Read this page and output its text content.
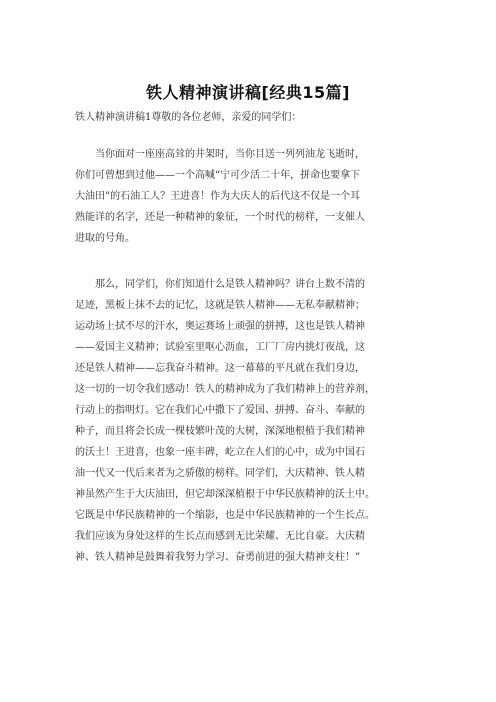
铁人精神演讲稿[经典15篇]
铁人精神演讲稿1尊敬的各位老师，亲爱的同学们：
当你面对一座座高耸的井架时，当你目送一列列油龙飞逝时，
你们可曾想到过他——一个高喊“宁可少活二十年，拼命也要拿下
大油田”的石油工人？王进喜！作为大庆人的后代这不仅是一个耳
熟能详的名字，还是一种精神的象征，一个时代的榜样，一支催人
进取的号角。
那么，同学们，你们知道什么是铁人精神吗？讲台上数不清的
足迹，黑板上抹不去的记忆，这就是铁人精神——无私奉献精神；
运动场上拭不尽的汗水，奥运赛场上顽强的拼搏，这也是铁人精神
——爱国主义精神；试验室里呕心沥血，工厂厂房内挑灯夜战，这
还是铁人精神——忘我奋斗精神。这一幕幕的平凡就在我们身边，
这一切的一切令我们感动！铁人的精神成为了我们精神上的营养剂，
行动上的指明灯。它在我们心中撒下了爱国、拼搏、奋斗、奉献的
种子，而且将会长成一棵枝繁叶茂的大树，深深地根植于我们精神
的沃土！王进喜，也象一座丰碑，屹立在人们的心中，成为中国石
油一代又一代后来者为之骄傲的榜样。同学们，大庆精神、铁人精
神虽然产生于大庆油田，但它却深深植根于中华民族精神的沃土中。
它既是中华民族精神的一个缩影，也是中华民族精神的一个生长点。
我们应该为身处这样的生长点而感到无比荣耀、无比自豪。大庆精
神、铁人精神是鼓舞着我努力学习、奋勇前进的强大精神支柱！”
